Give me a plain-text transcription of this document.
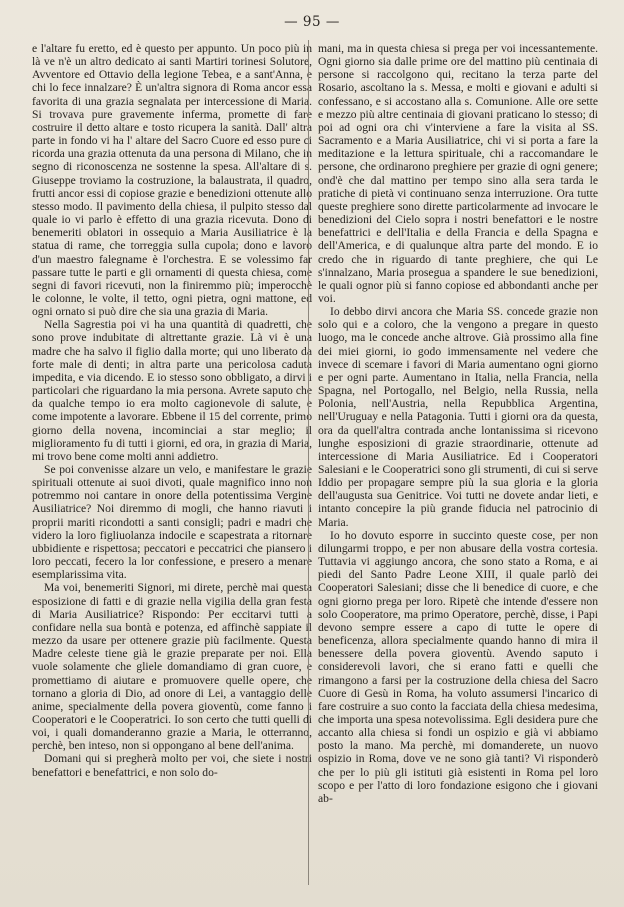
— 95 —

e l'altare fu eretto, ed è questo per appunto. Un poco più in là ve n'è un altro dedicato ai santi Martiri torinesi Solutore, Avventore ed Ottavio della legione Tebea, e a sant'Anna, e chi lo fece innalzare? È un'altra signora di Roma ancor essa favorita di una grazia segnalata per intercessione di Maria. Si trovava pure gravemente inferma, promette di fare costruire il detto altare e tosto ricupera la sanità. Dall' altra parte in fondo vi ha l' altare del Sacro Cuore ed esso pure ci ricorda una grazia ottenuta da una persona di Milano, che in segno di riconoscenza ne sostenne la spesa. All'altare di s. Giuseppe troviamo la costruzione, la balaustrata, il quadro, frutti ancor essi di copiose grazie e benedizioni ottenute allo stesso modo. Il pavimento della chiesa, il pulpito stesso dal quale io vi parlo è effetto di una grazia ricevuta. Dono di benemeriti oblatori in ossequio a Maria Ausiliatrice è la statua di rame, che torreggia sulla cupola; dono e lavoro d'un maestro falegname è l'orchestra. E se volessimo far passare tutte le parti e gli ornamenti di questa chiesa, come segni di favori ricevuti, non la finiremmo più; imperocchè le colonne, le volte, il tetto, ogni pietra, ogni mattone, ed ogni ornato si può dire che sia una grazia di Maria.

Nella Sagrestia poi vi ha una quantità di quadretti, che sono prove indubitate di altrettante grazie. Là vi è una madre che ha salvo il figlio dalla morte; qui uno liberato da forte male di denti; in altra parte una pericolosa caduta impedita, e via dicendo. E io stesso sono obbligato, a dirvi i particolari che riguardano la mia persona. Avrete saputo che da qualche tempo io era molto cagionevole di salute, e come impotente a lavorare. Ebbene il 15 del corrente, primo giorno della novena, incominciai a star meglio; il miglioramento fu di tutti i giorni, ed ora, in grazia di Maria, mi trovo bene come molti anni addietro.

Se poi convenisse alzare un velo, e manifestare le grazie spirituali ottenute ai suoi divoti, quale magnifico inno non potremmo noi cantare in onore della potentissima Vergine Ausiliatrice? Noi diremmo di mogli, che hanno riavuti i proprii mariti ricondotti a santi consigli; padri e madri che videro la loro figliuolanza indocile e scapestrata a ritornare ubbidiente e rispettosa; peccatori e peccatrici che piansero i loro peccati, fecero la lor confessione, e presero a menare esemplarissima vita.

Ma voi, benemeriti Signori, mi direte, perchè mai questa esposizione di fatti e di grazie nella vigilia della gran festa di Maria Ausiliatrice? Rispondo: Per eccitarvi tutti a confidare nella sua bontà e potenza, ed affinchè sappiate il mezzo da usare per ottenere grazie più facilmente. Questa Madre celeste tiene già le grazie preparate per noi. Ella vuole solamente che gliele domandiamo di gran cuore, e promettiamo di aiutare e promuovere quelle opere, che tornano a gloria di Dio, ad onore di Lei, a vantaggio delle anime, specialmente della povera gioventù, come fanno i Cooperatori e le Cooperatrici. Io son certo che tutti quelli di voi, i quali domanderanno grazie a Maria, le otterranno, perchè, ben inteso, non si oppongano al bene dell'anima.

Domani qui si pregherà molto per voi, che siete i nostri benefattori e benefattrici, e non solo do-

mani, ma in questa chiesa si prega per voi incessantemente. Ogni giorno sia dalle prime ore del mattino più centinaia di persone si raccolgono qui, recitano la terza parte del Rosario, ascoltano la s. Messa, e molti e giovani e adulti si confessano, e si accostano alla s. Comunione. Alle ore sette e mezzo più altre centinaia di giovani praticano lo stesso; di poi ad ogni ora chi v'interviene a fare la visita al SS. Sacramento e a Maria Ausiliatrice, chi vi si porta a fare la meditazione e la lettura spirituale, chi a raccomandare le persone, che ordinarono preghiere per grazie di ogni genere; ond'è che dal mattino per tempo sino alla sera tarda le pratiche di pietà vi continuano senza interruzione. Ora tutte queste preghiere sono dirette particolarmente ad invocare le benedizioni del Cielo sopra i nostri benefattori e le nostre benefattrici e dell'Italia e della Francia e della Spagna e dell'America, e di qualunque altra parte del mondo. E io credo che in riguardo di tante preghiere, che qui Le s'innalzano, Maria prosegua a spandere le sue benedizioni, le quali ognor più si fanno copiose ed abbondanti anche per voi.

Io debbo dirvi ancora che Maria SS. concede grazie non solo qui e a coloro, che la vengono a pregare in questo luogo, ma le concede anche altrove. Già prossimo alla fine dei miei giorni, io godo immensamente nel vedere che invece di scemare i favori di Maria aumentano ogni giorno e per ogni parte. Aumentano in Italia, nella Francia, nella Spagna, nel Portogallo, nel Belgio, nella Russia, nella Polonia, nell'Austria, nella Repubblica Argentina, nell'Uruguay e nella Patagonia. Tutti i giorni ora da questa, ora da quell'altra contrada anche lontanissima si ricevono lunghe esposizioni di grazie straordinarie, ottenute ad intercessione di Maria Ausiliatrice. Ed i Cooperatori Salesiani e le Cooperatrici sono gli strumenti, di cui si serve Iddio per propagare sempre più la sua gloria e la gloria dell'augusta sua Genitrice. Voi tutti ne dovete andar lieti, e intanto concepire la più grande fiducia nel patrocinio di Maria.

Io ho dovuto esporre in succinto queste cose, per non dilungarmi troppo, e per non abusare della vostra cortesia. Tuttavia vi aggiungo ancora, che sono stato a Roma, e ai piedi del Santo Padre Leone XIII, il quale parlò dei Cooperatori Salesiani; disse che li benedice di cuore, e che ogni giorno prega per loro. Ripetè che intende d'essere non solo Cooperatore, ma primo Operatore, perchè, disse, i Papi devono sempre essere a capo di tutte le opere di beneficenza, allora specialmente quando hanno di mira il benessere della povera gioventù. Avendo saputo i considerevoli lavori, che si erano fatti e quelli che rimangono a farsi per la costruzione della chiesa del Sacro Cuore di Gesù in Roma, ha voluto assumersi l'incarico di fare costruire a suo conto la facciata della chiesa medesima, che importa una spesa notevolissima. Egli desidera pure che accanto alla chiesa si fondi un ospizio e già vi abbiamo posto la mano. Ma perchè, mi domanderete, un nuovo ospizio in Roma, dove ve ne sono già tanti? Vi risponderò che per lo più gli istituti già esistenti in Roma pel loro scopo e per l'atto di loro fondazione esigono che i giovani ab-
